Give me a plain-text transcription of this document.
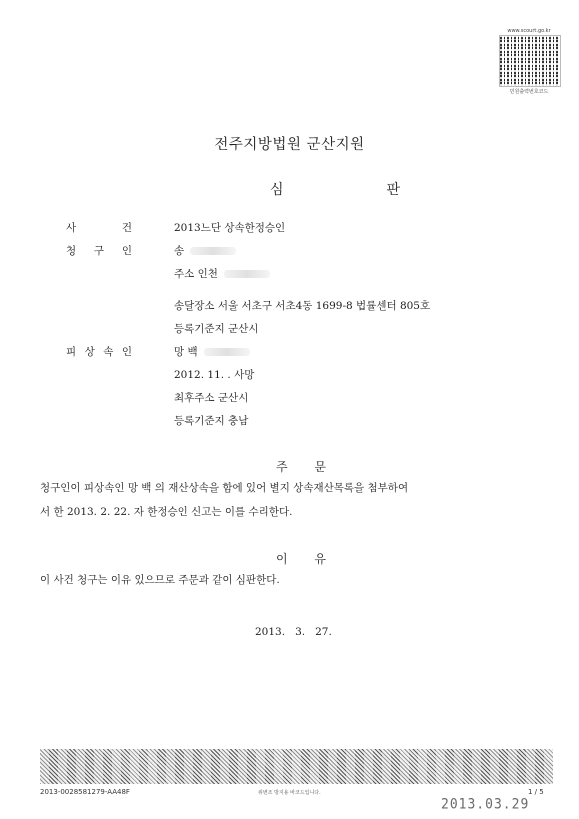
www.scourt.go.kr
민원출력번호코드
전주지방법원 군산지원
심	판
사	건	2013느단 상속한정승인
청 구 인	송
주소 인천
송달장소 서울 서초구 서초4동 1699-8 법률센터 805호
등록기준지 군산시
피 상 속 인	망 백
2012. 11. . 사망
최후주소 군산시
등록기준지 충남
주 문
청구인이 피상속인 망 백 의 재산상속을 함에 있어 별지 상속재산목록을 첨부하여
서 한 2013. 2. 22. 자 한정승인 신고는 이를 수리한다.
이 유
이 사건 청구는 이유 있으므로 주문과 같이 심판한다.
2013.   3.   27.
2013-0028581279-AA48F	위변조 방지용 바코드입니다.	1 / 5
2013.03.29
